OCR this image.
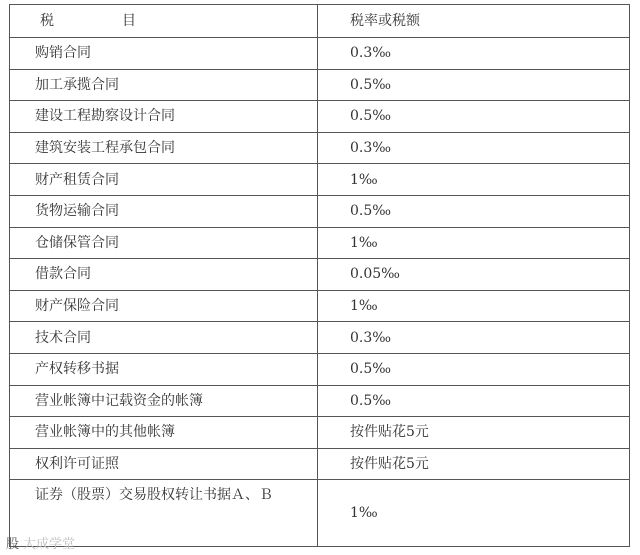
税 目	税率或税额
购销合同	0.3‰
加工承揽合同	0.5‰
建设工程勘察设计合同	0.5‰
建筑安装工程承包合同	0.3‰
财产租赁合同	1‰
货物运输合同	0.5‰
仓储保管合同	1‰
借款合同	0.05‰
财产保险合同	1‰
技术合同	0.3‰
产权转移书据	0.5‰
营业帐簿中记载资金的帐簿	0.5‰
营业帐簿中的其他帐簿	按件贴花5元
权利许可证照	按件贴花5元
证券（股票）交易股权转让书据Ａ、Ｂ	1‰
股 大成学堂
